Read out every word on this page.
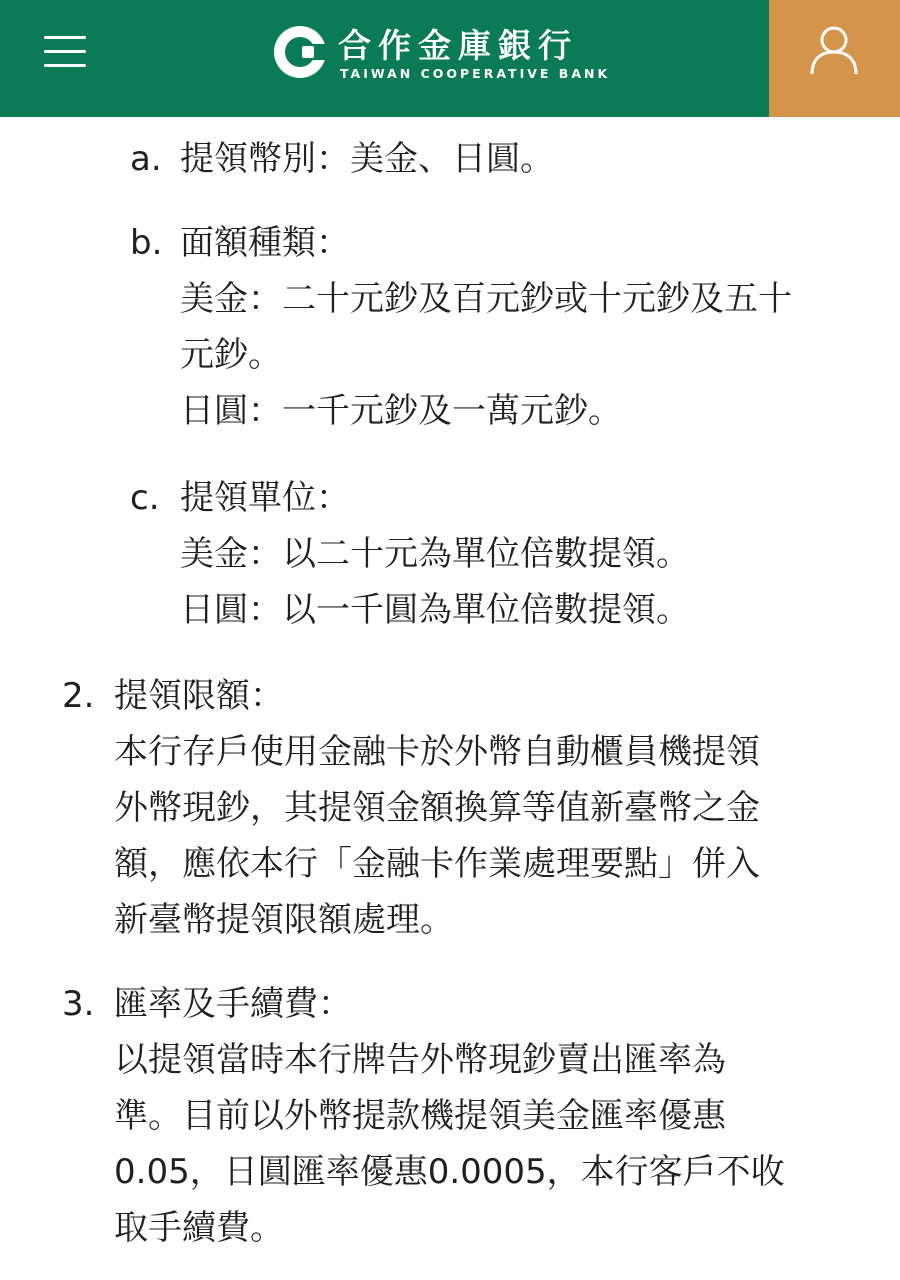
合作金庫銀行
TAIWAN COOPERATIVE BANK
a. 提領幣別：美金、日圓。
b. 面額種類：
美金：二十元鈔及百元鈔或十元鈔及五十
元鈔。
日圓：一千元鈔及一萬元鈔。
c. 提領單位：
美金：以二十元為單位倍數提領。
日圓：以一千圓為單位倍數提領。
2. 提領限額：
本行存戶使用金融卡於外幣自動櫃員機提領
外幣現鈔，其提領金額換算等值新臺幣之金
額，應依本行「金融卡作業處理要點」併入
新臺幣提領限額處理。
3. 匯率及手續費：
以提領當時本行牌告外幣現鈔賣出匯率為
準。目前以外幣提款機提領美金匯率優惠
0.05，日圓匯率優惠0.0005，本行客戶不收
取手續費。
